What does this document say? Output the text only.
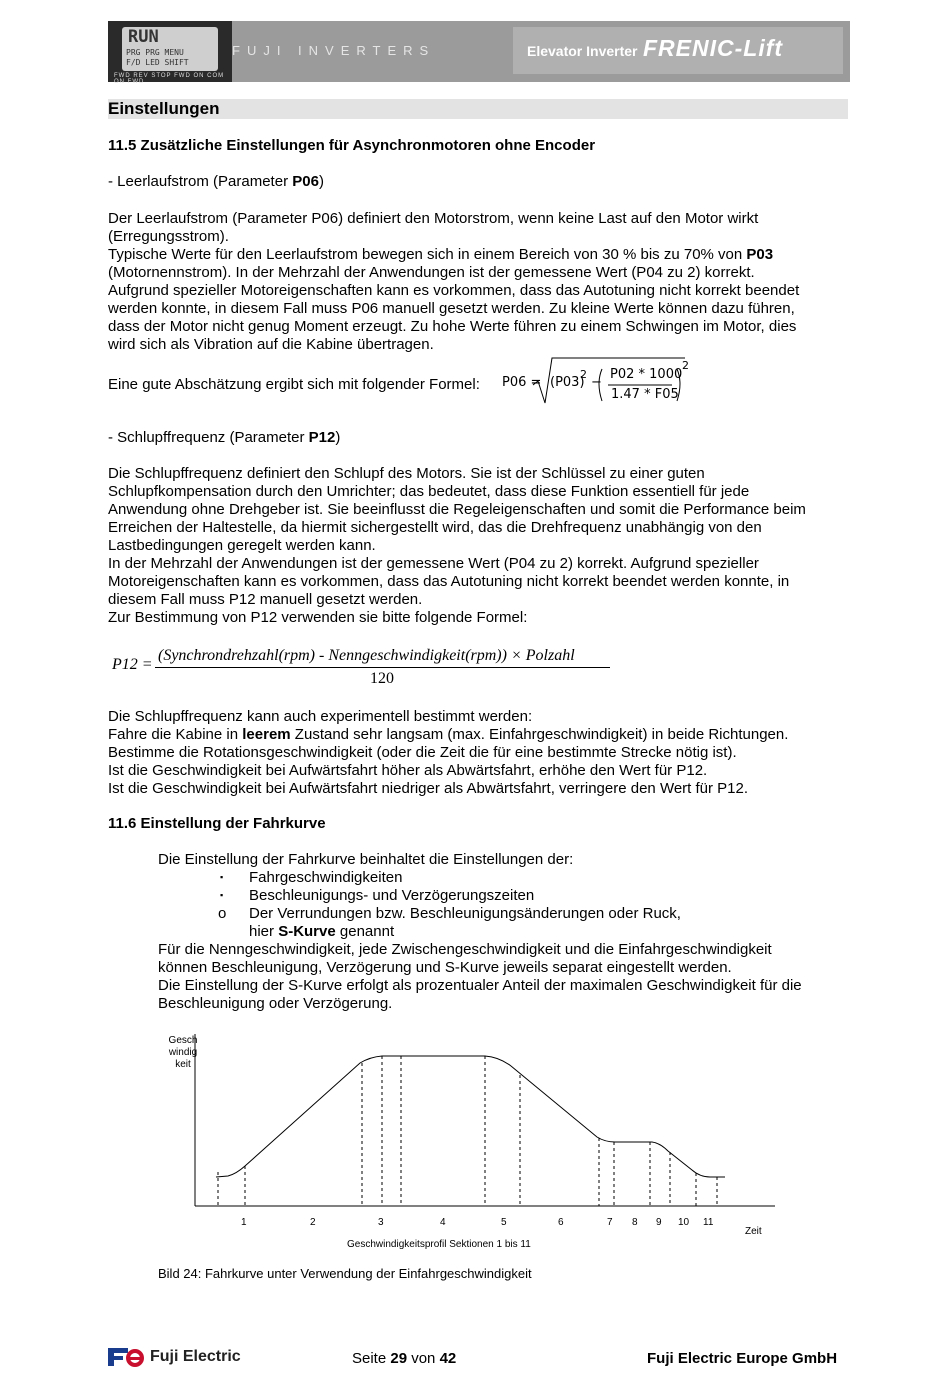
RUN
PRG PRG MENU
F/D LED SHIFT
FWD REV STOP FWD ON COM ON FWD
FUJI INVERTERS	Elevator Inverter FRENIC-Lift
Einstellungen
11.5 Zusätzliche Einstellungen für Asynchronmotoren ohne Encoder
- Leerlaufstrom (Parameter P06)
Der Leerlaufstrom (Parameter P06) definiert den Motorstrom, wenn keine Last auf den Motor wirkt
(Erregungsstrom).
Typische Werte für den Leerlaufstrom bewegen sich in einem Bereich von 30 % bis zu 70% von P03
(Motornennstrom). In der Mehrzahl der Anwendungen ist der gemessene Wert (P04 zu 2) korrekt.
Aufgrund spezieller Motoreigenschaften kann es vorkommen, dass das Autotuning nicht korrekt beendet
werden konnte, in diesem Fall muss P06 manuell gesetzt werden. Zu kleine Werte können dazu führen,
dass der Motor nicht genug Moment erzeugt. Zu hohe Werte führen zu einem Schwingen im Motor, dies
wird sich als Vibration auf die Kabine übertragen.
Eine gute Abschätzung ergibt sich mit folgender Formel: P06 = (P03)
2
−
P02 * 1000
1.47 * F05
2
- Schlupffrequenz (Parameter P12)
Die Schlupffrequenz definiert den Schlupf des Motors. Sie ist der Schlüssel zu einer guten
Schlupfkompensation durch den Umrichter; das bedeutet, dass diese Funktion essentiell für jede
Anwendung ohne Drehgeber ist. Sie beeinflusst die Regeleigenschaften und somit die Performance beim
Erreichen der Haltestelle, da hiermit sichergestellt wird, das die Drehfrequenz unabhängig von den
Lastbedingungen geregelt werden kann.
In der Mehrzahl der Anwendungen ist der gemessene Wert (P04 zu 2) korrekt. Aufgrund spezieller
Motoreigenschaften kann es vorkommen, dass das Autotuning nicht korrekt beendet werden konnte, in
diesem Fall muss P12 manuell gesetzt werden.
Zur Bestimmung von P12 verwenden sie bitte folgende Formel:
P12 =
(Synchrondrehzahl(rpm) - Nenngeschwindigkeit(rpm)) × Polzahl
120
Die Schlupffrequenz kann auch experimentell bestimmt werden:
Fahre die Kabine in leerem Zustand sehr langsam (max. Einfahrgeschwindigkeit) in beide Richtungen.
Bestimme die Rotationsgeschwindigkeit (oder die Zeit die für eine bestimmte Strecke nötig ist).
Ist die Geschwindigkeit bei Aufwärtsfahrt höher als Abwärtsfahrt, erhöhe den Wert für P12.
Ist die Geschwindigkeit bei Aufwärtsfahrt niedriger als Abwärtsfahrt, verringere den Wert für P12.
11.6 Einstellung der Fahrkurve
Die Einstellung der Fahrkurve beinhaltet die Einstellungen der:
▪ Fahrgeschwindigkeiten
▪ Beschleunigungs- und Verzögerungszeiten
o Der Verrundungen bzw. Beschleunigungsänderungen oder Ruck,
hier S-Kurve genannt
Für die Nenngeschwindigkeit, jede Zwischengeschwindigkeit und die Einfahrgeschwindigkeit
können Beschleunigung, Verzögerung und S-Kurve jeweils separat eingestellt werden.
Die Einstellung der S-Kurve erfolgt als prozentualer Anteil der maximalen Geschwindigkeit für die
Beschleunigung oder Verzögerung.
Gesch
windig
keit
1	2	3	4	5	6	7 8 9 10 11
Zeit
Geschwindigkeitsprofil Sektionen 1 bis 11
Bild 24: Fahrkurve unter Verwendung der Einfahrgeschwindigkeit
Fuji Electric	Seite 29 von 42	Fuji Electric Europe GmbH
